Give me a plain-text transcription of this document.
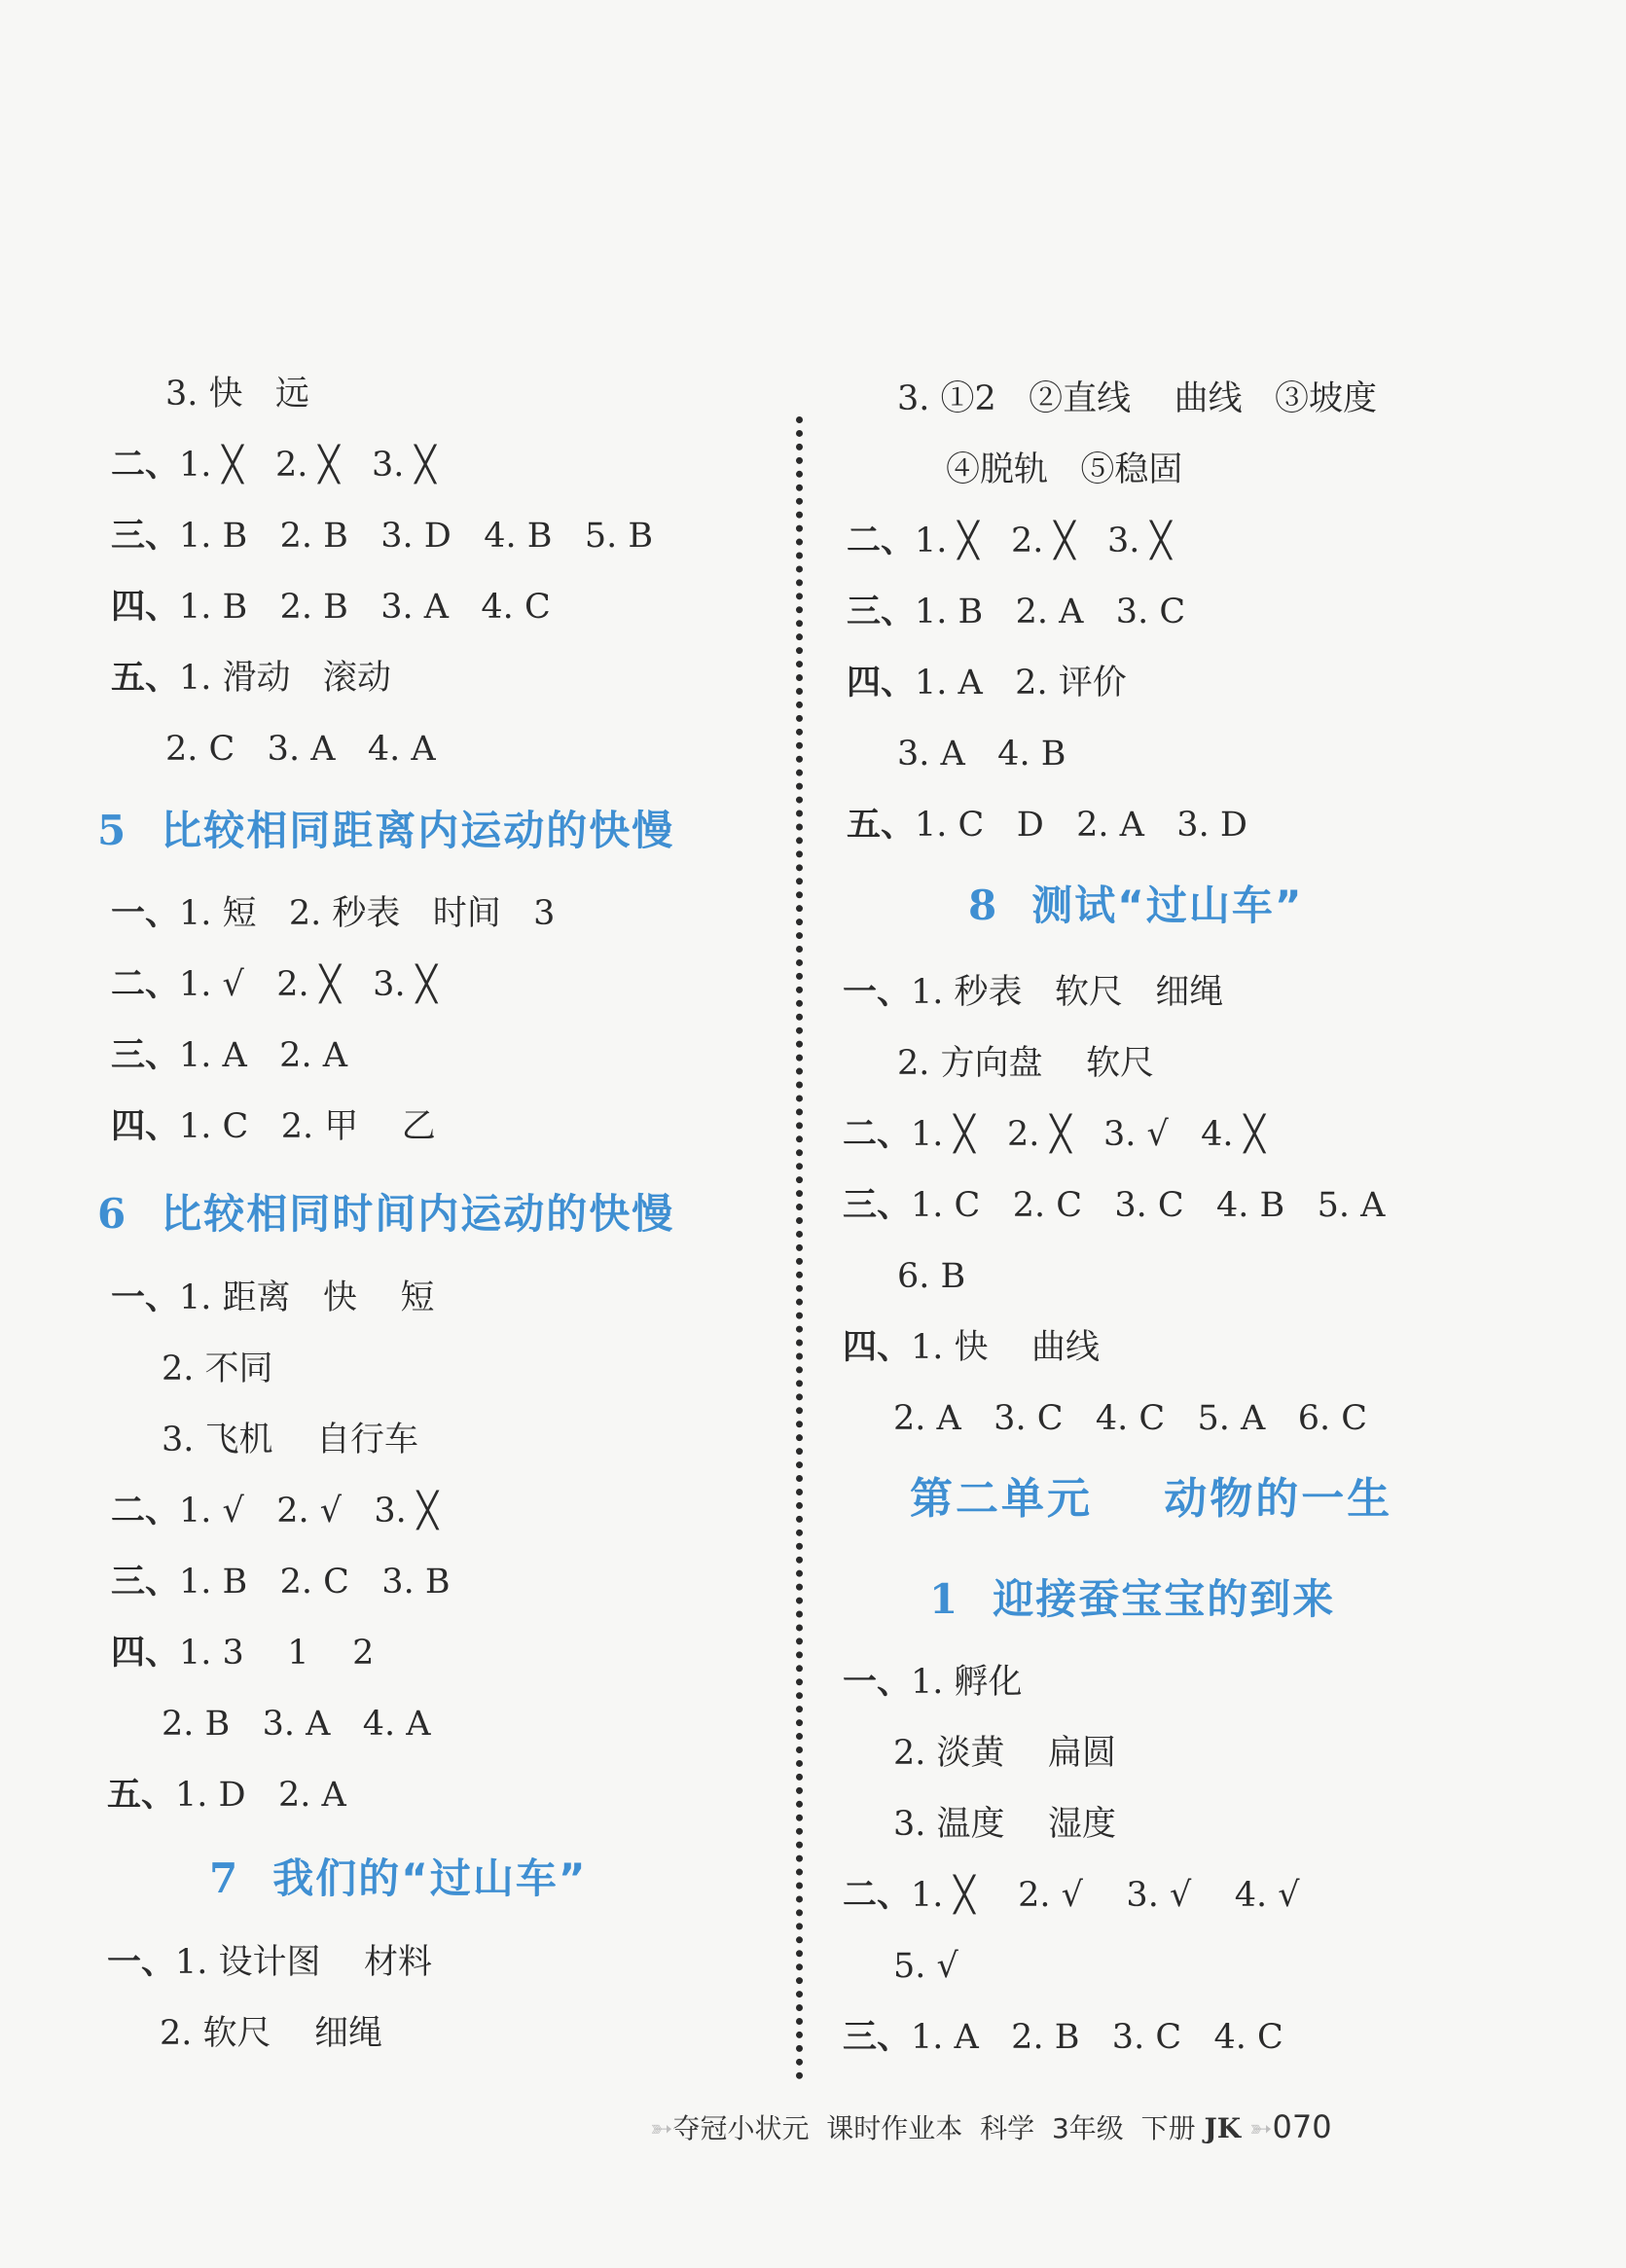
3. 快   远
二、1. ╳   2. ╳   3. ╳
三、1. B   2. B   3. D   4. B   5. B
四、1. B   2. B   3. A   4. C
五、1. 滑动   滚动
2. C   3. A   4. A
5 比较相同距离内运动的快慢
一、1. 短   2. 秒表   时间   3
二、1. √   2. ╳   3. ╳
三、1. A   2. A
四、1. C   2. 甲    乙
6 比较相同时间内运动的快慢
一、1. 距离   快    短
2. 不同
3. 飞机    自行车
二、1. √   2. √   3. ╳
三、1. B   2. C   3. B
四、1. 3    1    2
2. B   3. A   4. A
五、1. D   2. A
7 我们的“过山车”
一、1. 设计图    材料
2. 软尺    细绳
3. ①2   ②直线    曲线   ③坡度
④脱轨   ⑤稳固
二、1. ╳   2. ╳   3. ╳
三、1. B   2. A   3. C
四、1. A   2. 评价
3. A   4. B
五、1. C   D   2. A   3. D
8 测试“过山车”
一、1. 秒表   软尺   细绳
2. 方向盘    软尺
二、1. ╳   2. ╳   3. √   4. ╳
三、1. C   2. C   3. C   4. B   5. A
6. B
四、1. 快    曲线
2. A   3. C   4. C   5. A   6. C
第二单元    动物的一生
1 迎接蚕宝宝的到来
一、1. 孵化
2. 淡黄    扁圆
3. 温度    湿度
二、1. ╳    2. √    3. √    4. √
5. √
三、1. A   2. B   3. C   4. C
➳夺冠小状元 课时作业本 科学 3年级 下册 JK ➳070
